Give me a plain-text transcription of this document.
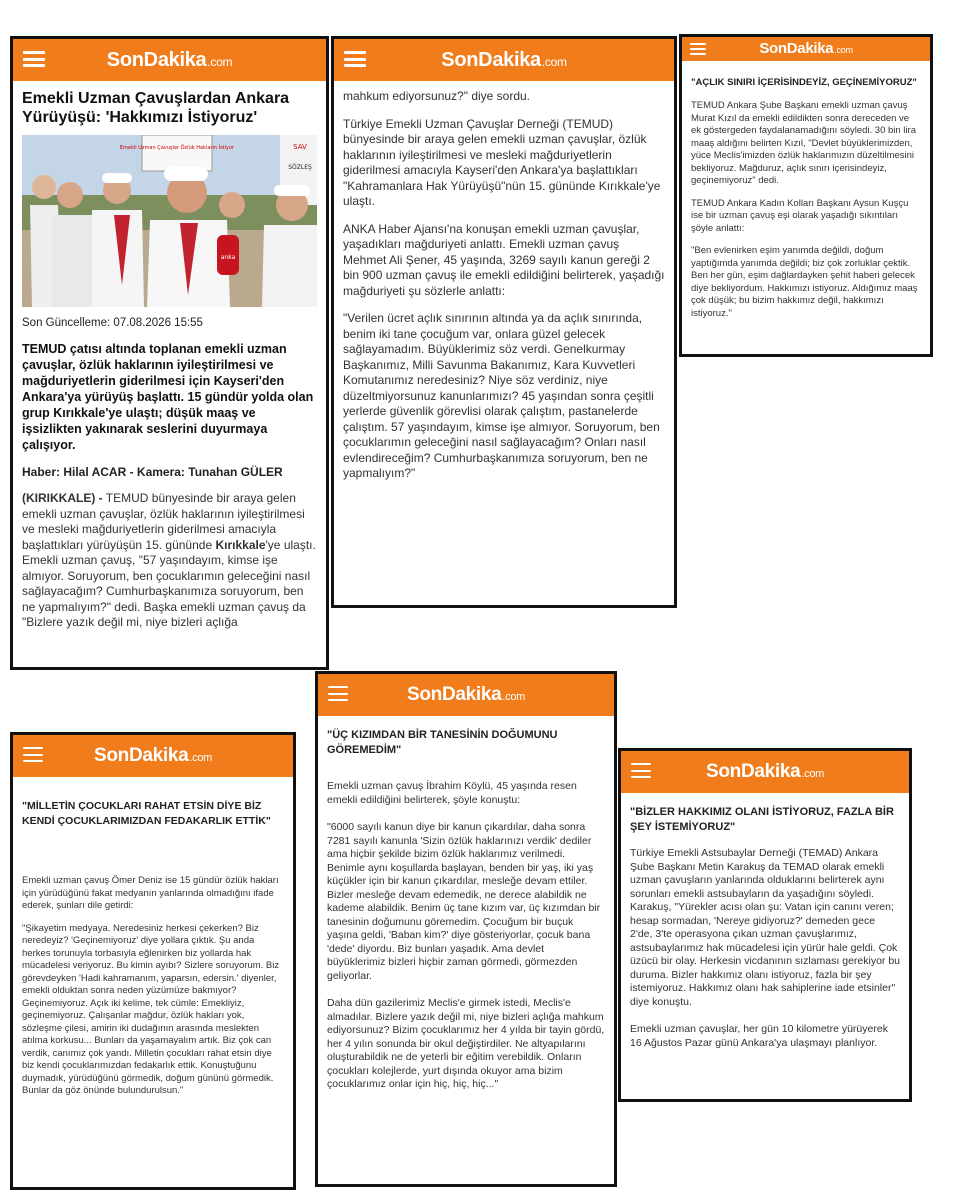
SonDakika.com
Emekli Uzman Çavuşlardan Ankara Yürüyüşü: 'Hakkımızı İstiyoruz'
Emekli Uzman Çavuşlar Özlük Hakların İstiyor	SAV
SÖZLEŞ
anka
Son Güncelleme: 07.08.2026 15:55
TEMUD çatısı altında toplanan emekli uzman çavuşlar, özlük haklarının iyileştirilmesi ve mağduriyetlerin giderilmesi için Kayseri'den Ankara'ya yürüyüş başlattı. 15 gündür yolda olan grup Kırıkkale'ye ulaştı; düşük maaş ve işsizlikten yakınarak seslerini duyurmaya çalışıyor.
Haber: Hilal ACAR - Kamera: Tunahan GÜLER

(KIRIKKALE) - TEMUD bünyesinde bir araya gelen emekli uzman çavuşlar, özlük haklarının iyileştirilmesi ve mesleki mağduriyetlerin giderilmesi amacıyla başlattıkları yürüyüşün 15. gününde Kırıkkale'ye ulaştı. Emekli uzman çavuş, "57 yaşındayım, kimse işe almıyor. Soruyorum, ben çocuklarımın geleceğini nasıl sağlayacağım? Cumhurbaşkanımıza soruyorum, ben ne yapmalıyım?" dedi. Başka emekli uzman çavuş da "Bizlere yazık değil mi, niye bizleri açlığa

SonDakika.com

mahkum ediyorsunuz?" diye sordu.

Türkiye Emekli Uzman Çavuşlar Derneği (TEMUD) bünyesinde bir araya gelen emekli uzman çavuşlar, özlük haklarının iyileştirilmesi ve mesleki mağduriyetlerin giderilmesi amacıyla Kayseri'den Ankara'ya başlattıkları "Kahramanlara Hak Yürüyüşü"nün 15. gününde Kırıkkale'ye ulaştı.

ANKA Haber Ajansı'na konuşan emekli uzman çavuşlar, yaşadıkları mağduriyeti anlattı. Emekli uzman çavuş Mehmet Ali Şener, 45 yaşında, 3269 sayılı kanun gereği 2 bin 900 uzman çavuş ile emekli edildiğini belirterek, yaşadığı mağduriyeti şu sözlerle anlattı:

"Verilen ücret açlık sınırının altında ya da açlık sınırında, benim iki tane çocuğum var, onlara güzel gelecek sağlayamadım. Büyüklerimiz söz verdi. Genelkurmay Başkanımız, Milli Savunma Bakanımız, Kara Kuvvetleri Komutanımız neredesiniz? Niye söz verdiniz, niye düzeltmiyorsunuz kanunlarımızı? 45 yaşından sonra çeşitli yerlerde güvenlik görevlisi olarak çalıştım, pastanelerde çalıştım. 57 yaşındayım, kimse işe almıyor. Soruyorum, ben çocuklarımın geleceğini nasıl sağlayacağım? Onları nasıl evlendireceğim? Cumhurbaşkanımıza soruyorum, ben ne yapmalıyım?"

SonDakika.com
"AÇLIK SINIRI İÇERİSİNDEYİZ, GEÇİNEMİYORUZ"

TEMUD Ankara Şube Başkanı emekli uzman çavuş Murat Kızıl da emekli edildikten sonra dereceden ve ek göstergeden faydalanamadığını söyledi. 30 bin lira maaş aldığını belirten Kızıl, "Devlet büyüklerimizden, yüce Meclis'imizden özlük haklarımızın düzeltilmesini bekliyoruz. Mağduruz, açlık sınırı içerisindeyiz, geçinemiyoruz" dedi.

TEMUD Ankara Kadın Kolları Başkanı Aysun Kuşçu ise bir uzman çavuş eşi olarak yaşadığı sıkıntıları şöyle anlattı:

"Ben evlenirken eşim yanımda değildi, doğum yaptığımda yanımda değildi; biz çok zorluklar çektik. Ben her gün, eşim dağlardayken şehit haberi gelecek diye bekliyordum. Hakkımızı istiyoruz. Aldığımız maaş çok düşük; bu bizim hakkımız değil, hakkımızı istiyoruz."

SonDakika.com
"MİLLETİN ÇOCUKLARI RAHAT ETSİN DİYE BİZ KENDİ ÇOCUKLARIMIZDAN FEDAKARLIK ETTİK"

Emekli uzman çavuş Ömer Deniz ise 15 gündür özlük hakları için yürüdüğünü fakat medyanın yanlarında olmadığını ifade ederek, şunları dile getirdi:

"Şikayetim medyaya. Neredesiniz herkesi çekerken? Biz neredeyiz? 'Geçinemiyoruz' diye yollara çıktık. Şu anda herkes torunuyla torbasıyla eğlenirken biz yollarda hak mücadelesi veriyoruz. Bu kimin ayıbı? Sizlere soruyorum. Biz görevdeyken 'Hadi kahramanım, yaparsın, edersin.' diyenler, emekli olduktan sonra neden yüzümüze bakmıyor? Geçinemiyoruz. Açık iki kelime, tek cümle: Emekliyiz, geçinemiyoruz. Çalışanlar mağdur, özlük hakları yok, sözleşme çilesi, amirin iki dudağının arasında meslekten atılma korkusu... Bunları da yaşamayalım artık. Biz çok can verdik, canımız çok yandı. Milletin çocukları rahat etsin diye biz kendi çocuklarımızdan fedakarlık ettik. Konuştuğunu duymadık, yürüdüğünü görmedik, doğum gününü görmedik. Bunlar da göz önünde bulundurulsun."

SonDakika.com
"ÜÇ KIZIMDAN BİR TANESİNİN DOĞUMUNU GÖREMEDİM"

Emekli uzman çavuş İbrahim Köylü, 45 yaşında resen emekli edildiğini belirterek, şöyle konuştu:

"6000 sayılı kanun diye bir kanun çıkardılar, daha sonra 7281 sayılı kanunla 'Sizin özlük haklarınızı verdik' dediler ama hiçbir şekilde bizim özlük haklarımız verilmedi. Benimle aynı koşullarda başlayan, benden bir yaş, iki yaş küçükler için bir kanun çıkardılar, mesleğe devam ettiler. Bizler mesleğe devam edemedik, ne derece alabildik ne kademe alabildik. Benim üç tane kızım var, üç kızımdan bir tanesinin doğumunu göremedim. Çocuğum bir buçuk yaşına geldi, 'Baban kim?' diye gösteriyorlar, çocuk bana 'dede' diyordu. Biz bunları yaşadık. Ama devlet büyüklerimiz bizleri hiçbir zaman görmedi, görmezden geliyorlar.

Daha dün gazilerimiz Meclis'e girmek istedi, Meclis'e almadılar. Bizlere yazık değil mi, niye bizleri açlığa mahkum ediyorsunuz? Bizim çocuklarımız her 4 yılda bir tayin gördü, her 4 yılın sonunda bir okul değiştirdiler. Ne altyapılarını oluşturabildik ne de yeterli bir eğitim verebildik. Onların çocukları kolejlerde, yurt dışında okuyor ama bizim çocuklarımız onlar için hiç, hiç, hiç..."

SonDakika.com
"BİZLER HAKKIMIZ OLANI İSTİYORUZ, FAZLA BİR ŞEY İSTEMİYORUZ"

Türkiye Emekli Astsubaylar Derneği (TEMAD) Ankara Şube Başkanı Metin Karakuş da TEMAD olarak emekli uzman çavuşların yanlarında olduklarını belirterek aynı sorunları emekli astsubayların da yaşadığını söyledi. Karakuş, "Yürekler acısı olan şu: Vatan için canını veren; hesap sormadan, 'Nereye gidiyoruz?' demeden gece 2'de, 3'te operasyona çıkan uzman çavuşlarımız, astsubaylarımız hak mücadelesi için yürür hale geldi. Çok üzücü bir olay. Herkesin vicdanının sızlaması gerekiyor bu duruma. Bizler hakkımız olanı istiyoruz, fazla bir şey istemiyoruz. Hakkımız olanı hak sahiplerine iade etsinler" diye konuştu.

Emekli uzman çavuşlar, her gün 10 kilometre yürüyerek 16 Ağustos Pazar günü Ankara'ya ulaşmayı planlıyor.
